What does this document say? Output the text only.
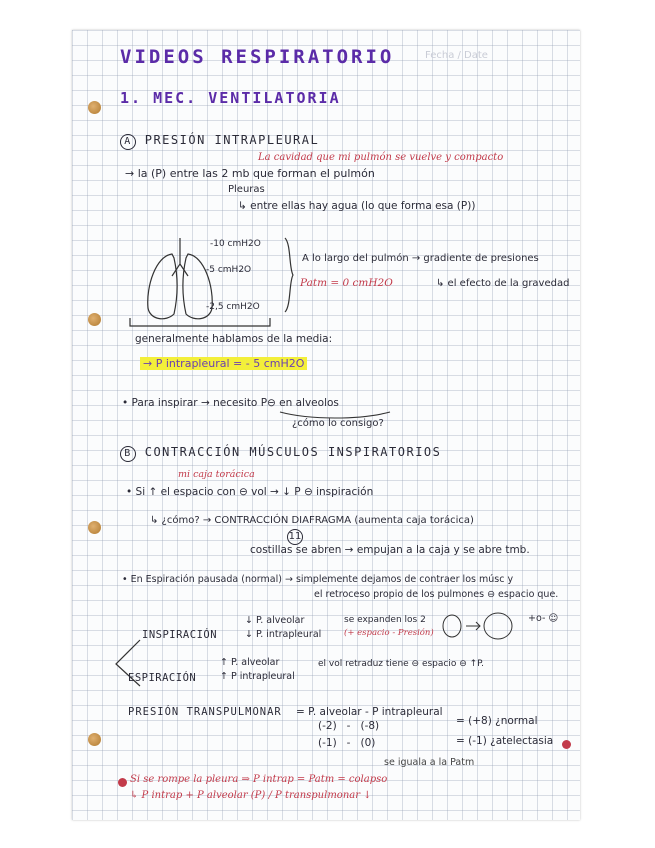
Fecha / Date
VIDEOS RESPIRATORIO
1. MEC. VENTILATORIA
A PRESIÓN INTRAPLEURAL
La cavidad que mi pulmón se vuelve y compacto
→ la (P) entre las 2 mb que forman el pulmón
Pleuras
↳ entre ellas hay agua (lo que forma esa (P))
-10 cmH2O
-5 cmH2O
-2,5 cmH2O
A lo largo del pulmón → gradiente de presiones
Patm = 0 cmH2O	↳ el efecto de la gravedad
generalmente hablamos de la media:
→ P intrapleural = - 5 cmH2O
• Para inspirar → necesito P⊖ en alveolos
¿cómo lo consigo?
B CONTRACCIÓN MÚSCULOS INSPIRATORIOS
mi caja torácica
• Si ↑ el espacio con ⊖ vol → ↓ P ⊖ inspiración
↳ ¿cómo? → CONTRACCIÓN DIAFRAGMA (aumenta caja torácica)
11
costillas se abren → empujan a la caja y se abre tmb.
• En Espiración pausada (normal) → simplemente dejamos de contraer los músc y
el retroceso propio de los pulmones ⊖ espacio que.
INSPIRACIÓN
↓ P. alveolar
↓ P. intrapleural
se expanden los 2
(+ espacio - Presión)
+o- ☺
ESPIRACIÓN
↑ P. alveolar
↑ P intrapleural
el vol retraduz tiene ⊖ espacio ⊖ ↑P.
PRESIÓN TRANSPULMONAR = P. alveolar - P intrapleural
(-2)   -   (-8)
(-1)   -   (0)
= (+8) ¿normal
= (-1) ¿atelectasia
se iguala a la Patm
Si se rompe la pleura ⇒ P intrap = Patm = colapso
↳ P intrap + P alveolar (P) / P transpulmonar ↓
